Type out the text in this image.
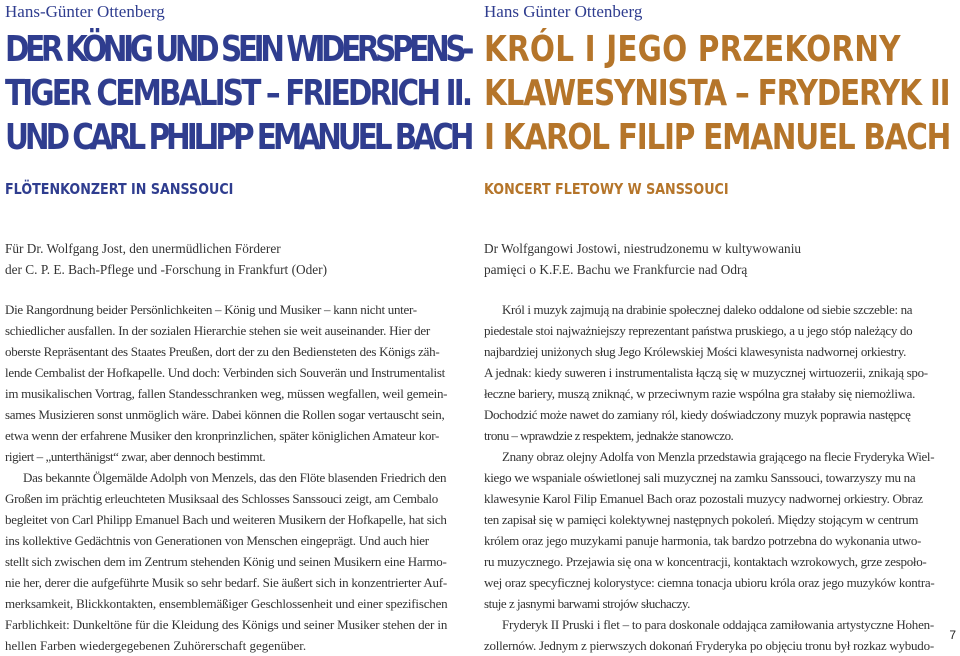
Hans-Günter Ottenberg
DER KÖNIG UND SEIN WIDERSPENS-
TIGER CEMBALIST – FRIEDRICH II.
UND CARL PHILIPP EMANUEL BACH
FLÖTENKONZERT IN SANSSOUCI
Für Dr. Wolfgang Jost, den unermüdlichen Förderer
der C. P. E. Bach-Pflege und -Forschung in Frankfurt (Oder)
Die Rangordnung beider Persönlichkeiten – König und Musiker – kann nicht unter-
schiedlicher ausfallen. In der sozialen Hierarchie stehen sie weit auseinander. Hier der
oberste Repräsentant des Staates Preußen, dort der zu den Bediensteten des Königs zäh-
lende Cembalist der Hofkapelle. Und doch: Verbinden sich Souverän und Instrumentalist
im musikalischen Vortrag, fallen Standesschranken weg, müssen wegfallen, weil gemein-
sames Musizieren sonst unmöglich wäre. Dabei können die Rollen sogar vertauscht sein,
etwa wenn der erfahrene Musiker den kronprinzlichen, später königlichen Amateur kor-
rigiert – „unterthänigst“ zwar, aber dennoch bestimmt.
Das bekannte Ölgemälde Adolph von Menzels, das den Flöte blasenden Friedrich den
Großen im prächtig erleuchteten Musiksaal des Schlosses Sanssouci zeigt, am Cembalo
begleitet von Carl Philipp Emanuel Bach und weiteren Musikern der Hofkapelle, hat sich
ins kollektive Gedächtnis von Generationen von Menschen eingeprägt. Und auch hier
stellt sich zwischen dem im Zentrum stehenden König und seinen Musikern eine Harmo-
nie her, derer die aufgeführte Musik so sehr bedarf. Sie äußert sich in konzentrierter Auf-
merksamkeit, Blickkontakten, ensemblemäßiger Geschlossenheit und einer spezifischen
Farblichkeit: Dunkeltöne für die Kleidung des Königs und seiner Musiker stehen der in
hellen Farben wiedergegebenen Zuhörerschaft gegenüber.
Hans Günter Ottenberg
KRÓL I JEGO PRZEKORNY
KLAWESYNISTA – FRYDERYK II
I KAROL FILIP EMANUEL BACH
KONCERT FLETOWY W SANSSOUCI
Dr Wolfgangowi Jostowi, niestrudzonemu w kultywowaniu
pamięci o K.F.E. Bachu we Frankfurcie nad Odrą
Król i muzyk zajmują na drabinie społecznej daleko oddalone od siebie szczeble: na
piedestale stoi najważniejszy reprezentant państwa pruskiego, a u jego stóp należący do
najbardziej uniżonych sług Jego Królewskiej Mości klawesynista nadwornej orkiestry.
A jednak: kiedy suweren i instrumentalista łączą się w muzycznej wirtuozerii, znikają spo-
łeczne bariery, muszą zniknąć, w przeciwnym razie wspólna gra stałaby się niemożliwa.
Dochodzić może nawet do zamiany ról, kiedy doświadczony muzyk poprawia następcę
tronu – wprawdzie z respektem, jednakże stanowczo.
Znany obraz olejny Adolfa von Menzla przedstawia grającego na flecie Fryderyka Wiel-
kiego we wspaniale oświetlonej sali muzycznej na zamku Sanssouci, towarzyszy mu na
klawesynie Karol Filip Emanuel Bach oraz pozostali muzycy nadwornej orkiestry. Obraz
ten zapisał się w pamięci kolektywnej następnych pokoleń. Między stojącym w centrum
królem oraz jego muzykami panuje harmonia, tak bardzo potrzebna do wykonania utwo-
ru muzycznego. Przejawia się ona w koncentracji, kontaktach wzrokowych, grze zespoło-
wej oraz specyficznej kolorystyce: ciemna tonacja ubioru króla oraz jego muzyków kontra-
stuje z jasnymi barwami strojów słuchaczy.
Fryderyk II Pruski i flet – to para doskonale oddająca zamiłowania artystyczne Hohen-
zollernów. Jednym z pierwszych dokonań Fryderyka po objęciu tronu był rozkaz wybudo-
7
